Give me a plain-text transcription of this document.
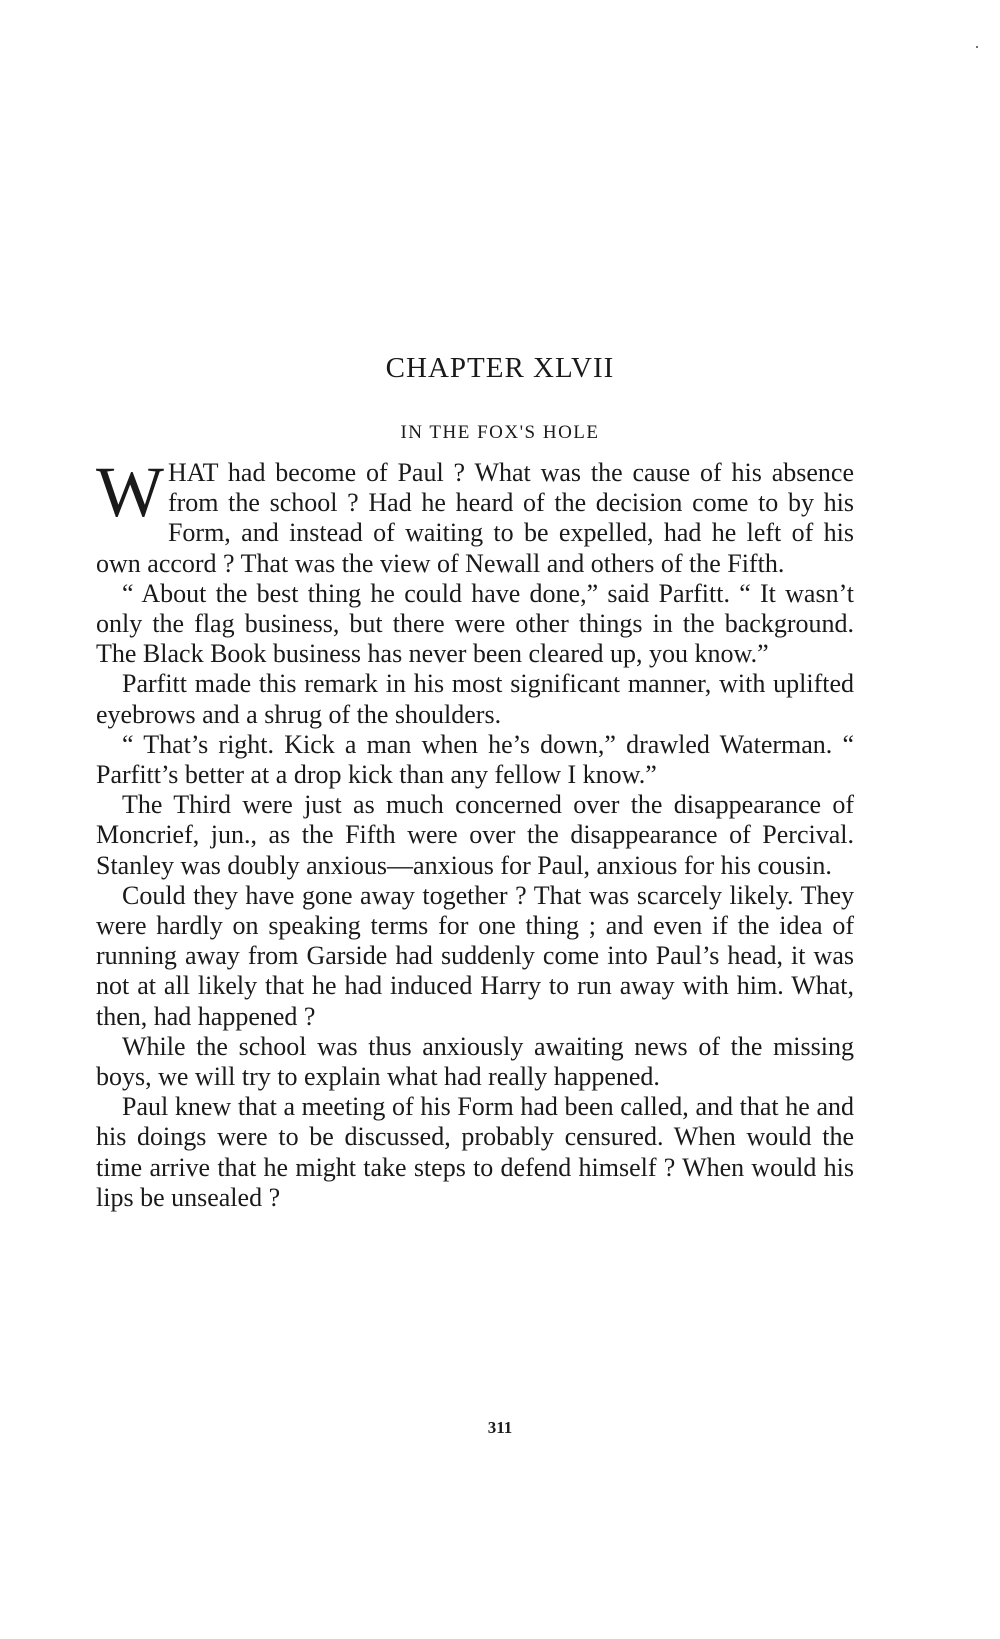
CHAPTER XLVII
IN THE FOX'S HOLE

WHAT had become of Paul ? What was the cause of his absence from the school ? Had he heard of the decision come to by his Form, and instead of waiting to be expelled, had he left of his own accord ? That was the view of Newall and others of the Fifth.

“ About the best thing he could have done,” said Parfitt. “ It wasn’t only the flag business, but there were other things in the background. The Black Book business has never been cleared up, you know.”

Parfitt made this remark in his most significant manner, with uplifted eyebrows and a shrug of the shoulders.

“ That’s right. Kick a man when he’s down,” drawled Waterman. “ Parfitt’s better at a drop kick than any fellow I know.”

The Third were just as much concerned over the disappearance of Moncrief, jun., as the Fifth were over the disappearance of Percival. Stanley was doubly anxious—anxious for Paul, anxious for his cousin.

Could they have gone away together ? That was scarcely likely. They were hardly on speaking terms for one thing ; and even if the idea of running away from Garside had suddenly come into Paul’s head, it was not at all likely that he had induced Harry to run away with him. What, then, had happened ?

While the school was thus anxiously awaiting news of the missing boys, we will try to explain what had really happened.

Paul knew that a meeting of his Form had been called, and that he and his doings were to be discussed, probably censured. When would the time arrive that he might take steps to defend himself ? When would his lips be unsealed ?

311
